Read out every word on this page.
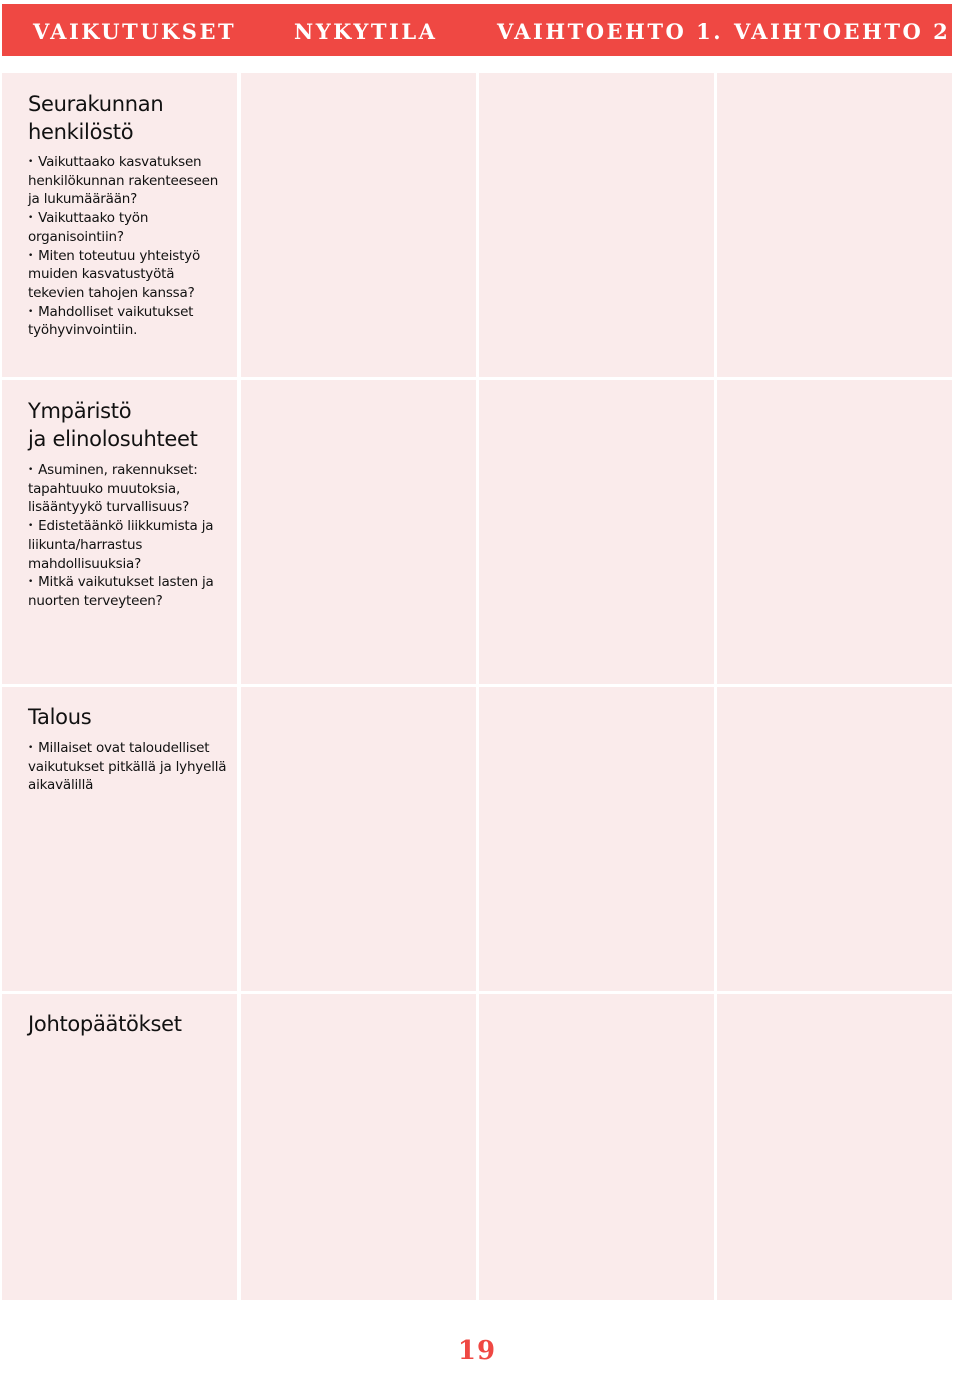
VAIKUTUKSET	NYKYTILA	VAIHTOEHTO 1. VAIHTOEHTO 2.
Seurakunnan
henkilöstö
• Vaikuttaako kasvatuksen henkilökunnan rakenteeseen ja lukumäärään?
• Vaikuttaako työn organisointiin?
• Miten toteutuu yhteistyö muiden kasvatustyötä tekevien tahojen kanssa?
• Mahdolliset vaikutukset työhyvinvointiin.
Ympäristö
ja elinolosuhteet
• Asuminen, rakennukset: tapahtuuko muutoksia, lisääntyykö turvallisuus?
• Edistetäänkö liikkumista ja liikunta/harrastus mahdollisuuksia?
• Mitkä vaikutukset lasten ja nuorten terveyteen?
Talous
• Millaiset ovat taloudelliset vaikutukset pitkällä ja lyhyellä aikavälillä
Johtopäätökset
19
